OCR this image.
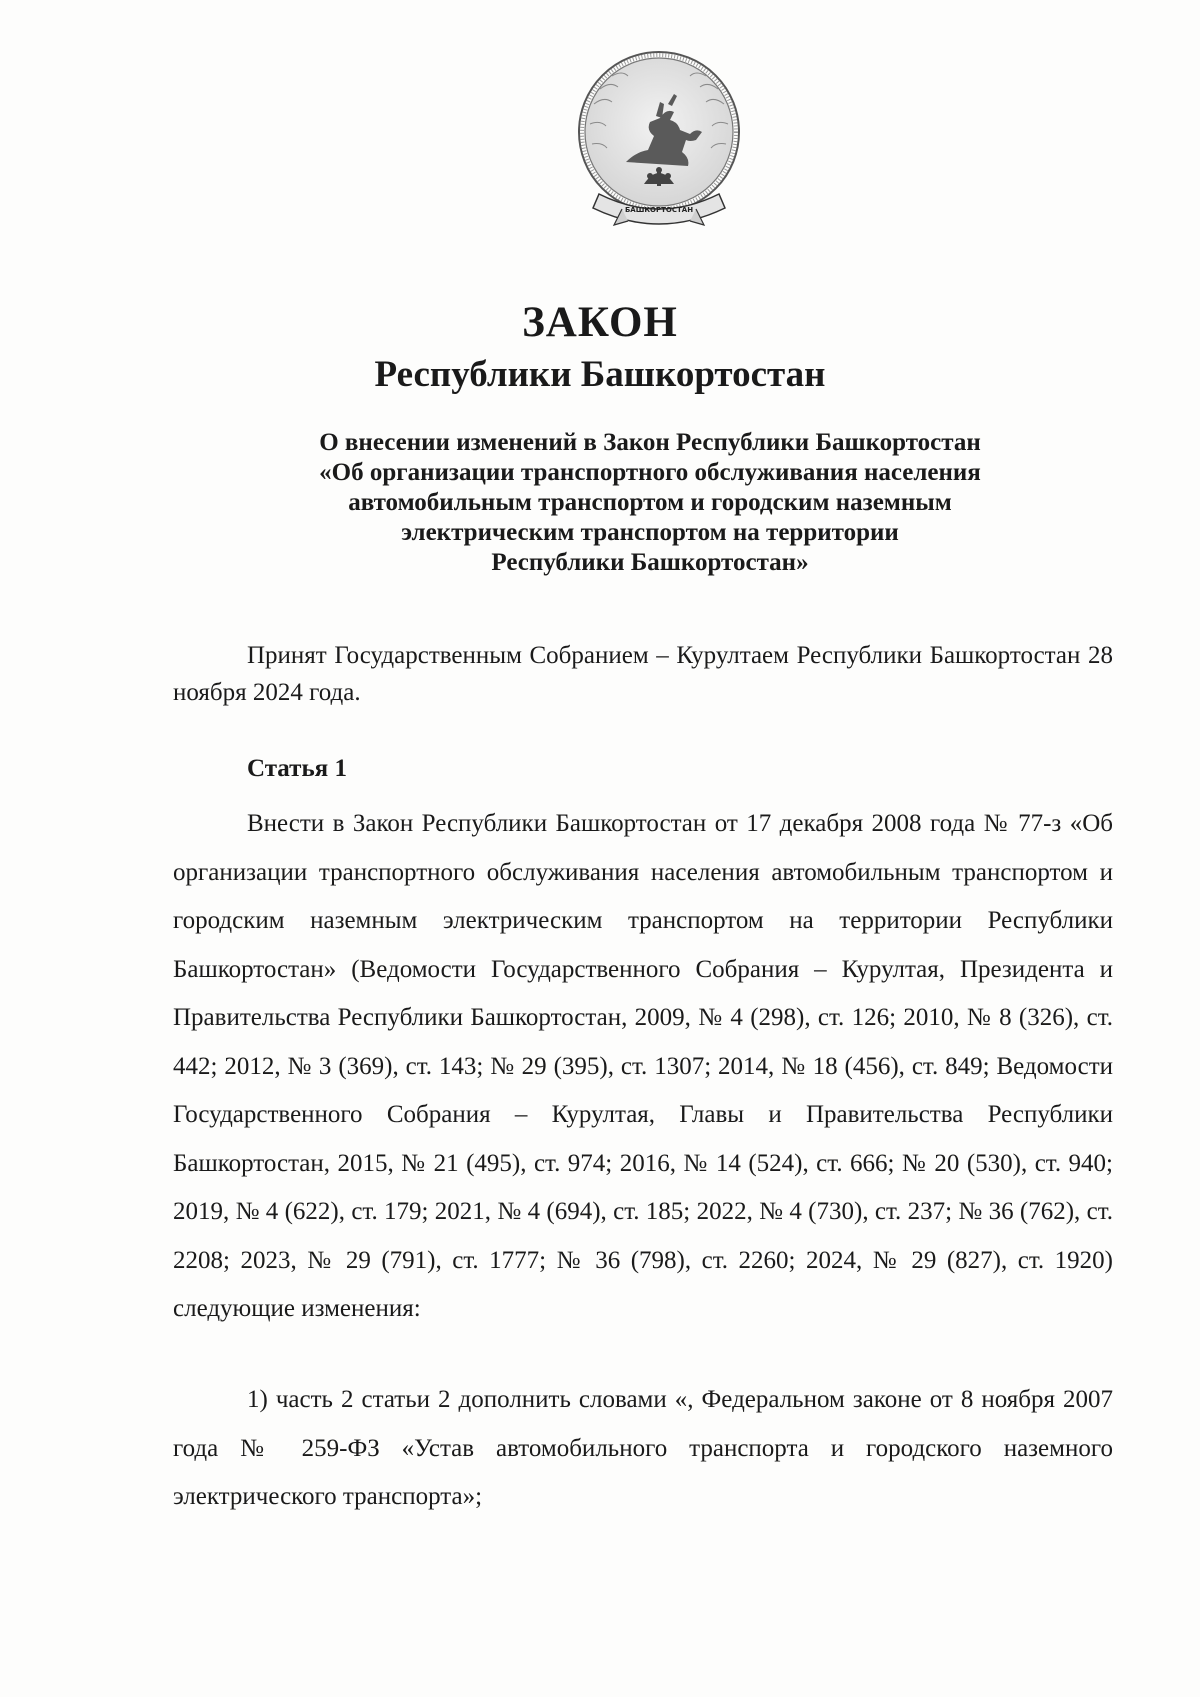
БАШКОРТОСТАН
ЗАКОН
Республики Башкортостан
О внесении изменений в Закон Республики Башкортостан
«Об организации транспортного обслуживания населения
автомобильным транспортом и городским наземным
электрическим транспортом на территории
Республики Башкортостан»

Принят Государственным Собранием – Курултаем Республики Башкортостан 28 ноября 2024 года.

Статья 1

Внести в Закон Республики Башкортостан от 17 декабря 2008 года № 77-з «Об организации транспортного обслуживания населения автомобильным транспортом и городским наземным электрическим транспортом на территории Республики Башкортостан» (Ведомости Государственного Собрания – Курултая, Президента и Правительства Республики Башкортостан, 2009, № 4 (298), ст. 126; 2010, № 8 (326), ст. 442; 2012, № 3 (369), ст. 143; № 29 (395), ст. 1307; 2014, № 18 (456), ст. 849; Ведомости Государственного Собрания – Курултая, Главы и Правительства Республики Башкортостан, 2015, № 21 (495), ст. 974; 2016, № 14 (524), ст. 666; № 20 (530), ст. 940; 2019, № 4 (622), ст. 179; 2021, № 4 (694), ст. 185; 2022, № 4 (730), ст. 237; № 36 (762), ст. 2208; 2023, № 29 (791), ст. 1777; № 36 (798), ст. 2260; 2024, № 29 (827), ст. 1920) следующие изменения:

1) часть 2 статьи 2 дополнить словами «, Федеральном законе от 8 ноября 2007 года № 259-ФЗ «Устав автомобильного транспорта и городского наземного электрического транспорта»;
